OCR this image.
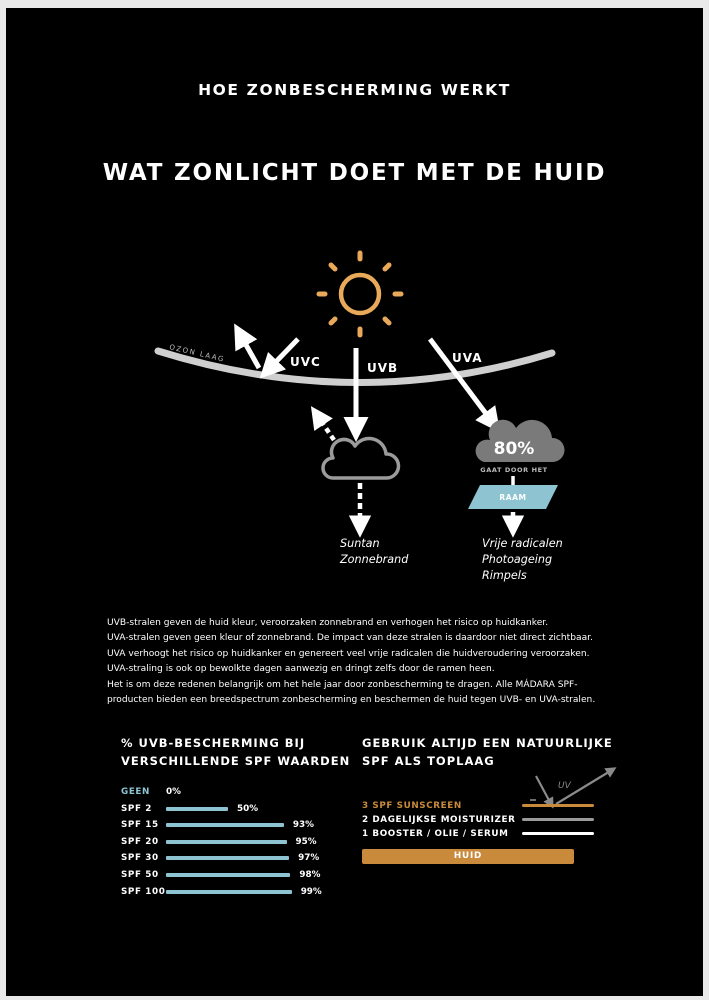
HOE ZONBESCHERMING WERKT
WAT ZONLICHT DOET MET DE HUID
80%
GAAT DOOR HET
RAAM
OZON LAAG	UVC	UVB
UVA
Suntan
Zonnebrand
Vrije radicalen
Photoageing
Rimpels
UVB-stralen geven de huid kleur, veroorzaken zonnebrand en verhogen het risico op huidkanker.
UVA-stralen geven geen kleur of zonnebrand. De impact van deze stralen is daardoor niet direct zichtbaar.
UVA verhoogt het risico op huidkanker en genereert veel vrije radicalen die huidveroudering veroorzaken.
UVA-straling is ook op bewolkte dagen aanwezig en dringt zelfs door de ramen heen.
Het is om deze redenen belangrijk om het hele jaar door zonbescherming te dragen. Alle MÁDARA SPF-
producten bieden een breedspectrum zonbescherming en beschermen de huid tegen UVB- en UVA-stralen.
% UVB-BESCHERMING BIJ
VERSCHILLENDE SPF WAARDEN
GEEN 0%
SPF 2	50%
SPF 15	93%
SPF 20	95%
SPF 30	97%
SPF 50	98%
SPF 100	99%
GEBRUIK ALTIJD EEN NATUURLIJKE
SPF ALS TOPLAAG
UV
3 SPF SUNSCREEN
2 DAGELIJKSE MOISTURIZER
1 BOOSTER / OLIE / SERUM
HUID
